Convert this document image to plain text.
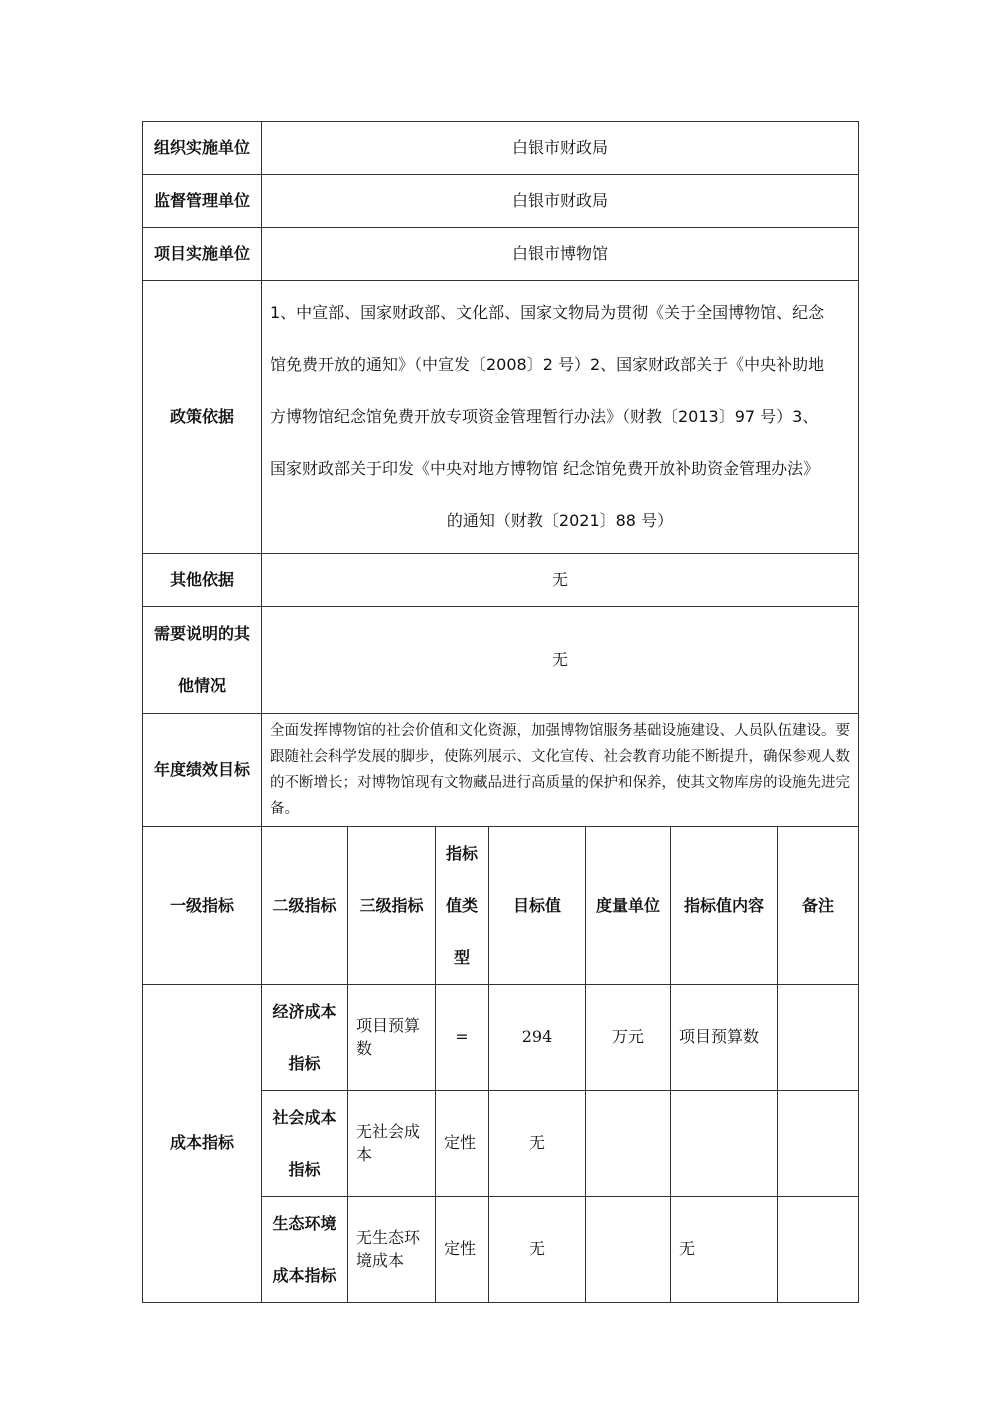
组织实施单位	白银市财政局						
监督管理单位	白银市财政局						
项目实施单位	白银市博物馆						
政策依据	1、中宣部、国家财政部、文化部、国家文物局为贯彻《关于全国博物馆、纪念
馆免费开放的通知》（中宣发〔2008〕2 号）2、国家财政部关于《中央补助地
方博物馆纪念馆免费开放专项资金管理暂行办法》（财教〔2013〕97 号）3、
国家财政部关于印发《中央对地方博物馆 纪念馆免费开放补助资金管理办法》
的通知（财教〔2021〕88 号）						

其他依据	无						

需要说明的其
他情况	无						
年度绩效目标	全面发挥博物馆的社会价值和文化资源，加强博物馆服务基础设施建设、人员队伍建设。要跟随社会科学发展的脚步，使陈列展示、文化宣传、社会教育功能不断提升，确保参观人数的不断增长；对博物馆现有文物藏品进行高质量的保护和保养，使其文物库房的设施先进完备。						
一级指标	二级指标	三级指标	指标
值类
型	目标值	度量单位	指标值内容	备注
成本指标	经济成本
指标	项目预算数	=	294	万元	项目预算数	

	社会成本
指标	无社会成本	定性	无			

	生态环境
成本指标	无生态环境成本	定性	无		无	
